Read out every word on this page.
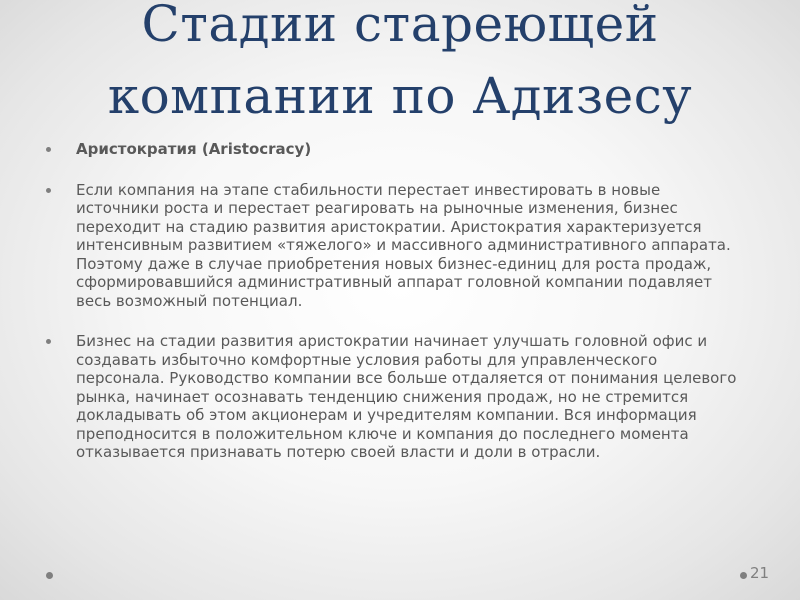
Стадии стареющей
компании по Адизесу
Аристократия (Aristocracy)
Если компания на этапе стабильности перестает инвестировать в новые источники роста и перестает реагировать на рыночные изменения, бизнес переходит на стадию развития аристократии. Аристократия характеризуется интенсивным развитием «тяжелого» и массивного административного аппарата. Поэтому даже в случае приобретения новых бизнес-единиц для роста продаж, сформировавшийся административный аппарат головной компании подавляет весь возможный потенциал.
Бизнес на стадии развития аристократии начинает улучшать головной офис и создавать избыточно комфортные условия работы для управленческого персонала. Руководство компании все больше отдаляется от понимания целевого рынка, начинает осознавать тенденцию снижения продаж, но не стремится докладывать об этом акционерам и учредителям компании. Вся информация преподносится в положительном ключе и компания до последнего момента отказывается признавать потерю своей власти и доли в отрасли.
21
